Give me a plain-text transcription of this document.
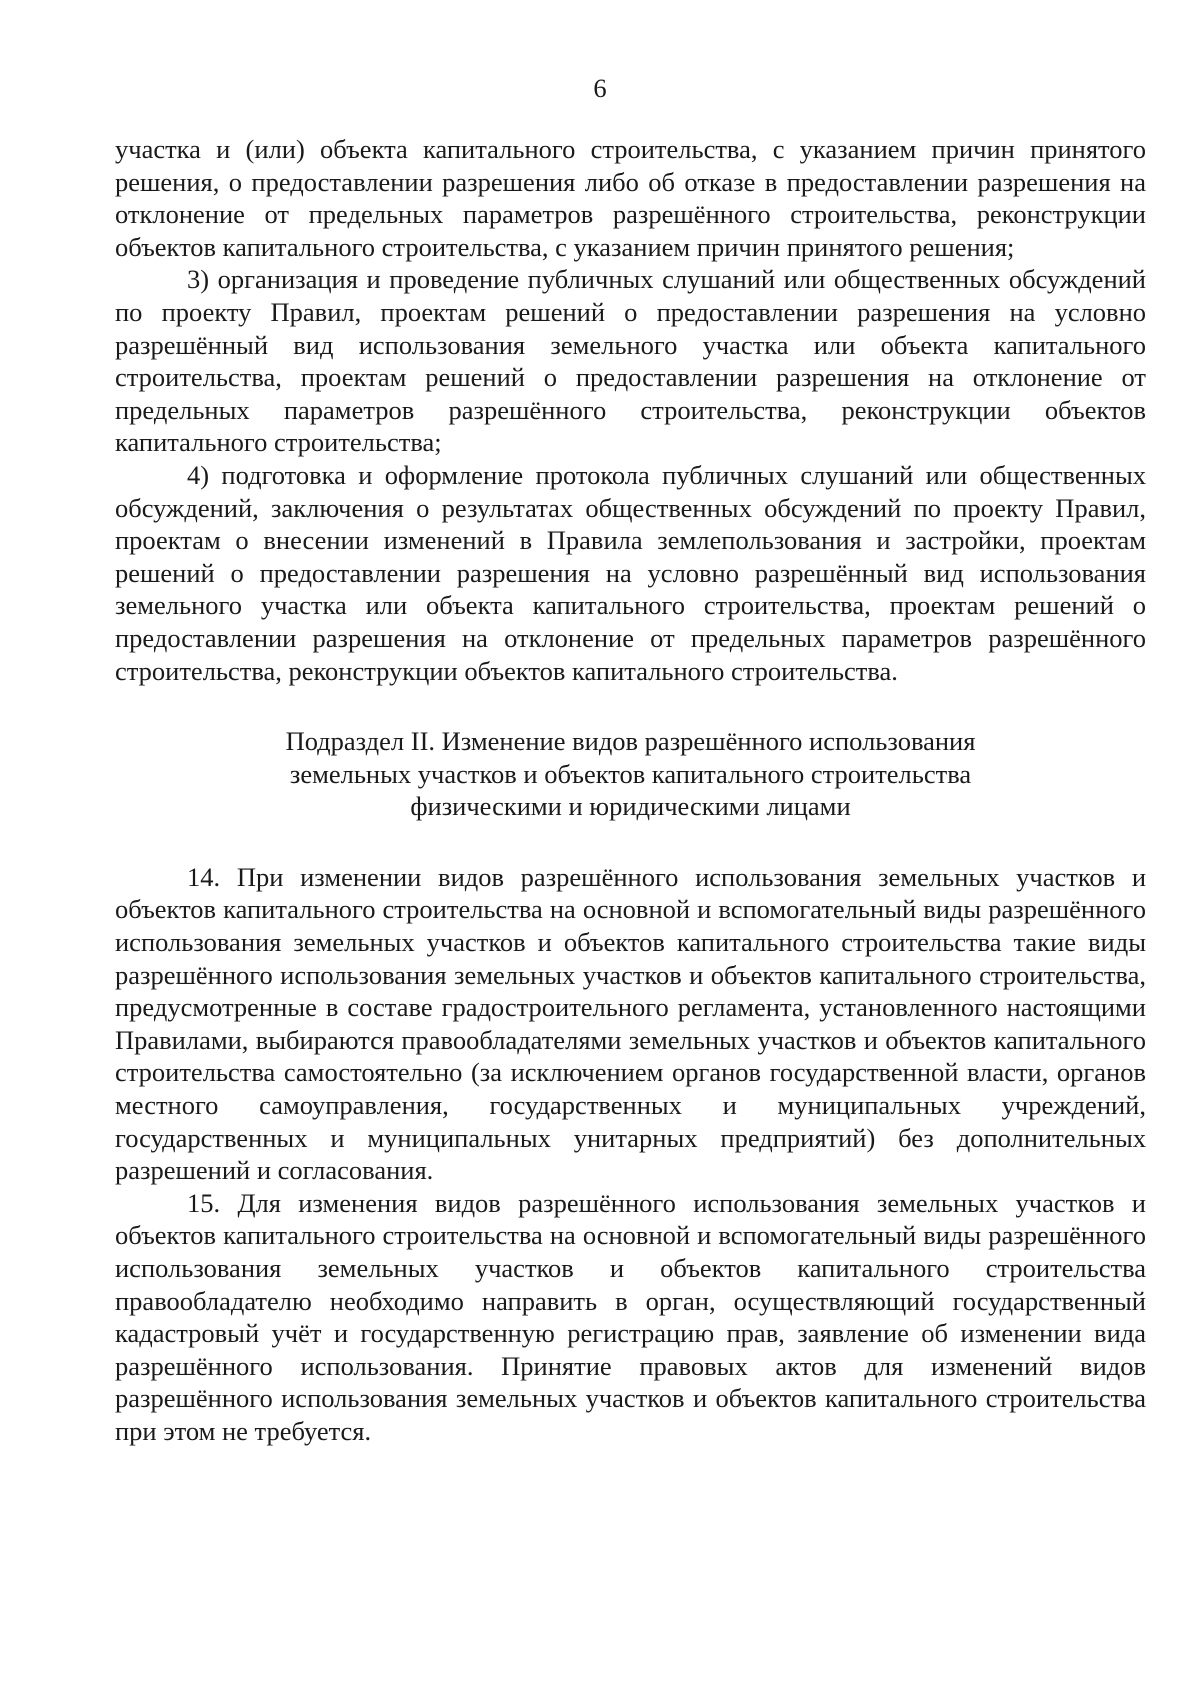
6

участка и (или) объекта капитального строительства, с указанием причин принятого решения, о предоставлении разрешения либо об отказе в предоставлении разрешения на отклонение от предельных параметров разрешённого строительства, реконструкции объектов капитального строительства, с указанием причин принятого решения;

3) организация и проведение публичных слушаний или общественных обсуждений по проекту Правил, проектам решений о предоставлении разрешения на условно разрешённый вид использования земельного участка или объекта капитального строительства, проектам решений о предоставлении разрешения на отклонение от предельных параметров разрешённого строительства, реконструкции объектов капитального строительства;

4) подготовка и оформление протокола публичных слушаний или общественных обсуждений, заключения о результатах общественных обсуждений по проекту Правил, проектам о внесении изменений в Правила землепользования и застройки, проектам решений о предоставлении разрешения на условно разрешённый вид использования земельного участка или объекта капитального строительства, проектам решений о предоставлении разрешения на отклонение от предельных параметров разрешённого строительства, реконструкции объектов капитального строительства.

Подраздел II. Изменение видов разрешённого использования земельных участков и объектов капитального строительства физическими и юридическими лицами

14. При изменении видов разрешённого использования земельных участков и объектов капитального строительства на основной и вспомогательный виды разрешённого использования земельных участков и объектов капитального строительства такие виды разрешённого использования земельных участков и объектов капитального строительства, предусмотренные в составе градостроительного регламента, установленного настоящими Правилами, выбираются правообладателями земельных участков и объектов капитального строительства самостоятельно (за исключением органов государственной власти, органов местного самоуправления, государственных и муниципальных учреждений, государственных и муниципальных унитарных предприятий) без дополнительных разрешений и согласования.

15. Для изменения видов разрешённого использования земельных участков и объектов капитального строительства на основной и вспомогательный виды разрешённого использования земельных участков и объектов капитального строительства правообладателю необходимо направить в орган, осуществляющий государственный кадастровый учёт и государственную регистрацию прав, заявление об изменении вида разрешённого использования. Принятие правовых актов для изменений видов разрешённого использования земельных участков и объектов капитального строительства при этом не требуется.
